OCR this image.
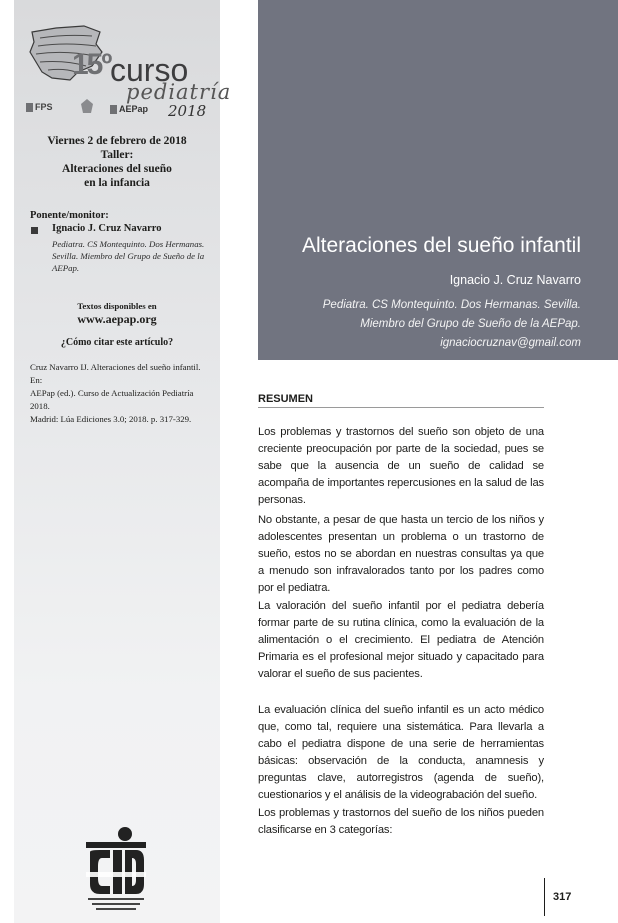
15º curso
pediatría
2018
FPS	AEPap
Viernes 2 de febrero de 2018
Taller:
Alteraciones del sueño
en la infancia
Ponente/monitor:
Ignacio J. Cruz Navarro
Pediatra. CS Montequinto. Dos Hermanas.
Sevilla. Miembro del Grupo de Sueño de la
AEPap.
Textos disponibles en
www.aepap.org
¿Cómo citar este artículo?
Cruz Navarro IJ. Alteraciones del sueño infantil. En:
AEPap (ed.). Curso de Actualización Pediatría 2018.
Madrid: Lúa Ediciones 3.0; 2018. p. 317-329.
Alteraciones del sueño infantil
Ignacio J. Cruz Navarro
Pediatra. CS Montequinto. Dos Hermanas. Sevilla.
Miembro del Grupo de Sueño de la AEPap.
ignaciocruznav@gmail.com
RESUMEN

Los problemas y trastornos del sueño son objeto de una creciente preocupación por parte de la sociedad, pues se sabe que la ausencia de un sueño de calidad se acompaña de importantes repercusiones en la salud de las personas.

No obstante, a pesar de que hasta un tercio de los niños y adolescentes presentan un problema o un trastorno de sueño, estos no se abordan en nuestras consultas ya que a menudo son infravalorados tanto por los padres como por el pediatra.

La valoración del sueño infantil por el pediatra debería formar parte de su rutina clínica, como la evaluación de la alimentación o el crecimiento. El pediatra de Atención Primaria es el profesional mejor situado y capacitado para valorar el sueño de sus pacientes.

La evaluación clínica del sueño infantil es un acto médico que, como tal, requiere una sistemática. Para llevarla a cabo el pediatra dispone de una serie de herramientas básicas: observación de la conducta, anamnesis y preguntas clave, autorregistros (agenda de sueño), cuestionarios y el análisis de la videograbación del sueño.

Los problemas y trastornos del sueño de los niños pueden clasificarse en 3 categorías:

317
